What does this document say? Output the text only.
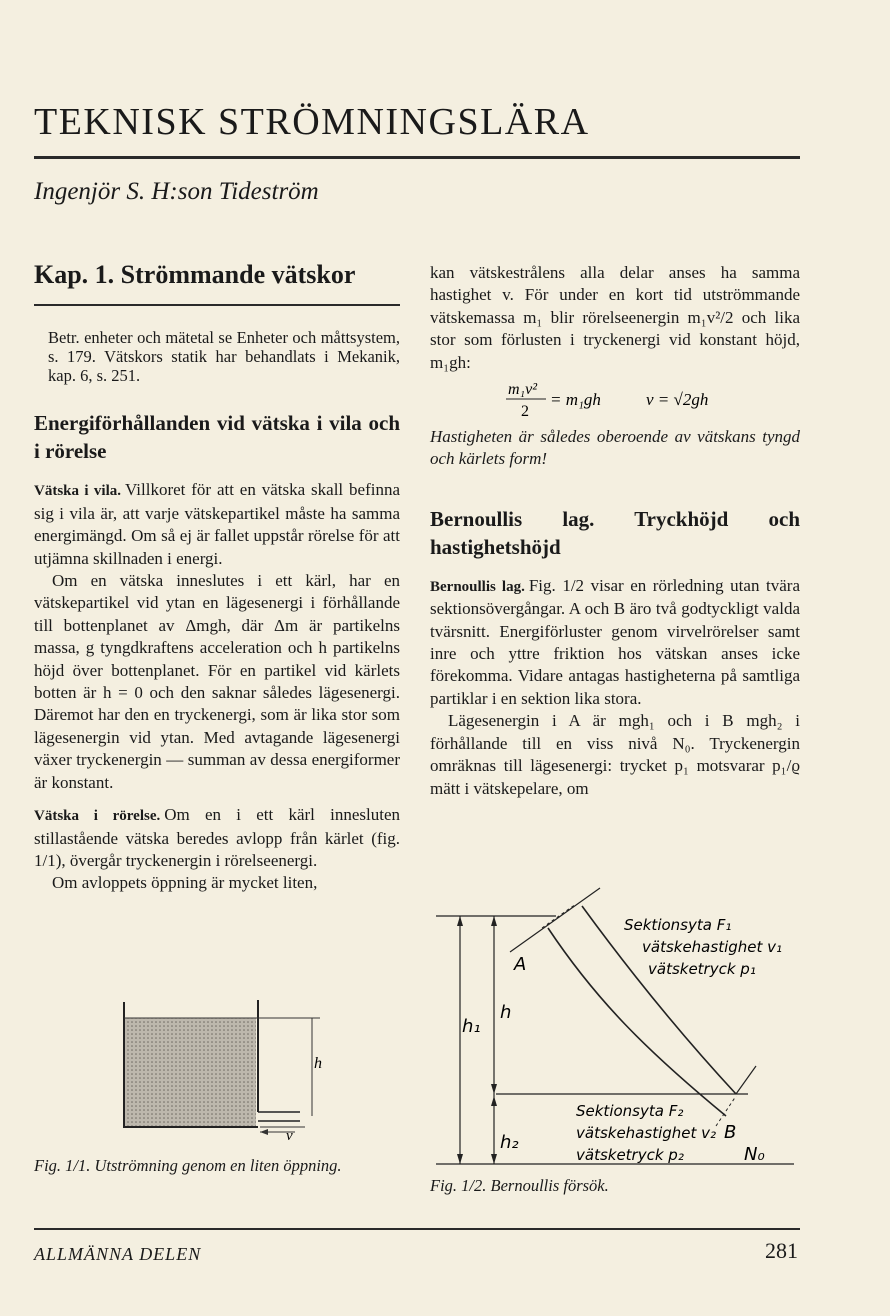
TEKNISK STRÖMNINGSLÄRA
Ingenjör S. H:son Tideström
Kap. 1. Strömmande vätskor

Betr. enheter och mätetal se Enheter och måttsystem, s. 179. Vätskors statik har behandlats i Mekanik, kap. 6, s. 251.

Energiförhållanden vid vätska i vila och i rörelse

Vätska i vila. Villkoret för att en vätska skall befinna sig i vila är, att varje vätskepartikel måste ha samma energimängd. Om så ej är fallet uppstår rörelse för att utjämna skillnaden i energi.

Om en vätska inneslutes i ett kärl, har en vätskepartikel vid ytan en lägesenergi i förhållande till bottenplanet av Δmgh, där Δm är partikelns massa, g tyngdkraftens acceleration och h partikelns höjd över bottenplanet. För en partikel vid kärlets botten är h = 0 och den saknar således lägesenergi. Däremot har den en tryckenergi, som är lika stor som lägesenergin vid ytan. Med avtagande lägesenergi växer tryckenergin — summan av dessa energiformer är konstant.

Vätska i rörelse. Om en i ett kärl innesluten stillastående vätska beredes avlopp från kärlet (fig. 1/1), övergår tryckenergin i rörelseenergi.

Om avloppets öppning är mycket liten,

h
v
Fig. 1/1. Utströmning genom en liten öppning.

kan vätskestrålens alla delar anses ha samma hastighet v. För under en kort tid utströmmande vätskemassa m₁ blir rörelseenergin m₁v²/2 och lika stor som förlusten i tryckenergi vid konstant höjd, m₁gh:

m₁v²
2
= m₁gh	v = √2gh

Hastigheten är således oberoende av vätskans tyngd och kärlets form!

Bernoullis lag. Tryckhöjd och hastighetshöjd

Bernoullis lag. Fig. 1/2 visar en rörledning utan tvära sektionsövergångar. A och B äro två godtyckligt valda tvärsnitt. Energiförluster genom virvelrörelser samt inre och yttre friktion hos vätskan anses icke förekomma. Vidare antagas hastigheterna på samtliga partiklar i en sektion lika stora.

Lägesenergin i A är mgh₁ och i B mgh₂ i förhållande till en viss nivå N₀. Tryckenergin omräknas till lägesenergi: trycket p₁ motsvarar p₁/ϱ mätt i vätskepelare, om

Sektionsyta F₁
vätskehastighet v₁
vätsketryck p₁
A
h₁
h
Sektionsyta F₂
vätskehastighet v₂
vätsketryck p₂
B
h₂
N₀
Fig. 1/2. Bernoullis försök.
ALLMÄNNA DELEN	281
